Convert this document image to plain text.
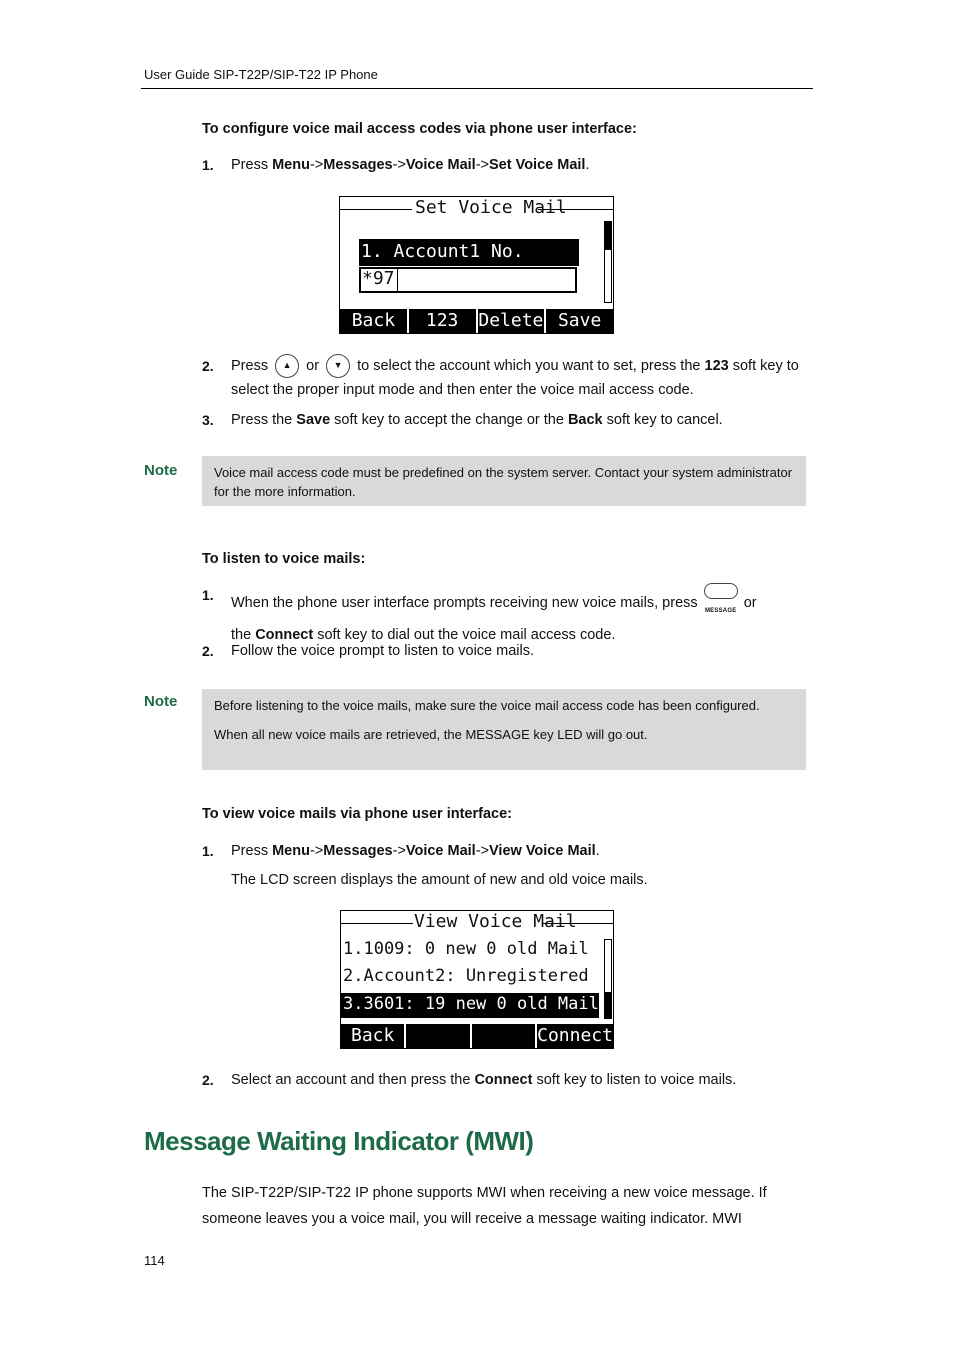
User Guide SIP-T22P/SIP-T22 IP Phone
To configure voice mail access codes via phone user interface:
1. Press Menu->Messages->Voice Mail->Set Voice Mail.
Set Voice Mail
1. Account1 No.
*97
Back	123	Delete Save
2. Press ▲ or ▼ to select the account which you want to set, press the 123 soft key to select the proper input mode and then enter the voice mail access code.
3. Press the Save soft key to accept the change or the Back soft key to cancel.
Note	Voice mail access code must be predefined on the system server. Contact your system administrator for the more information.
To listen to voice mails:
1. When the phone user interface prompts receiving new voice mails, press
MESSAGE
or
the Connect soft key to dial out the voice mail access code.
2. Follow the voice prompt to listen to voice mails.
Note	Before listening to the voice mails, make sure the voice mail access code has been configured.
When all new voice mails are retrieved, the MESSAGE key LED will go out.
To view voice mails via phone user interface:
1. Press Menu->Messages->Voice Mail->View Voice Mail.
The LCD screen displays the amount of new and old voice mails.
View Voice Mail
1.1009: 0 new 0 old Mail
2.Account2: Unregistered
3.3601: 19 new 0 old Mail
Back	Connect
2. Select an account and then press the Connect soft key to listen to voice mails.
Message Waiting Indicator (MWI)
The SIP-T22P/SIP-T22 IP phone supports MWI when receiving a new voice message. If someone leaves you a voice mail, you will receive a message waiting indicator. MWI
114
